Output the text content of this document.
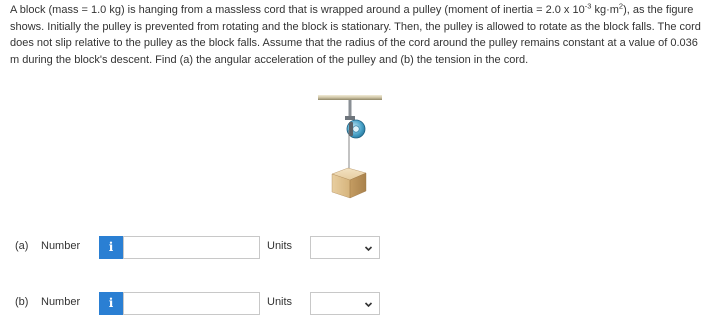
A block (mass = 1.0 kg) is hanging from a massless cord that is wrapped around a pulley (moment of inertia = 2.0 x $10^{-3}$ $kg\cdot m^2$), as the figure shows. Initially the pulley is prevented from rotating and the block is stationary. Then, the pulley is allowed to rotate as the block falls. The cord does not slip relative to the pulley as the block falls. Assume that the radius of the cord around the pulley remains constant at a value of 0.036 m during the block's descent. Find (a) the angular acceleration of the pulley and (b) the tension in the cord.

(a) Number	i	Units
(b) Number	i	Units
